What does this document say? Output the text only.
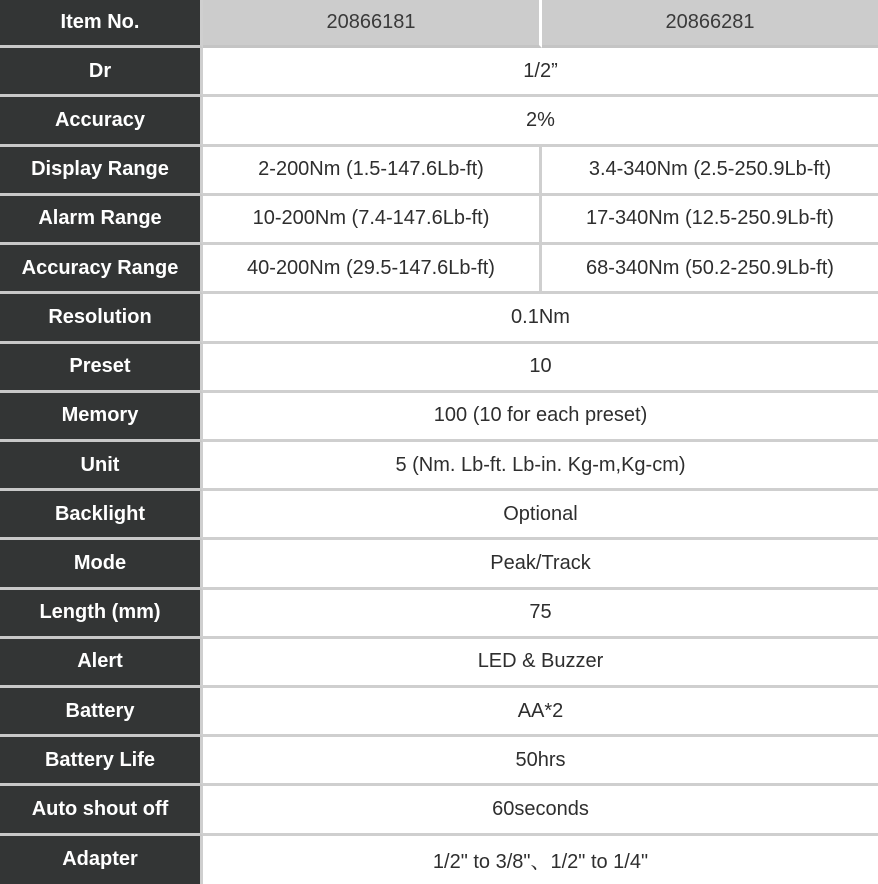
Item No.	20866181	20866281
Dr	1/2”	
Accuracy	2%	
Display Range	2-200Nm (1.5-147.6Lb-ft)	3.4-340Nm (2.5-250.9Lb-ft)
Alarm Range	10-200Nm (7.4-147.6Lb-ft)	17-340Nm (12.5-250.9Lb-ft)
Accuracy Range	40-200Nm (29.5-147.6Lb-ft)	68-340Nm (50.2-250.9Lb-ft)
Resolution	0.1Nm	
Preset	10	
Memory	100 (10 for each preset)	
Unit	5 (Nm. Lb-ft. Lb-in. Kg-m,Kg-cm)	
Backlight	Optional	
Mode	Peak/Track	
Length (mm)	75	
Alert	LED & Buzzer	
Battery	AA*2	
Battery Life	50hrs	
Auto shout off	60seconds	
Adapter	1/2" to 3/8"、1/2" to 1/4"	
